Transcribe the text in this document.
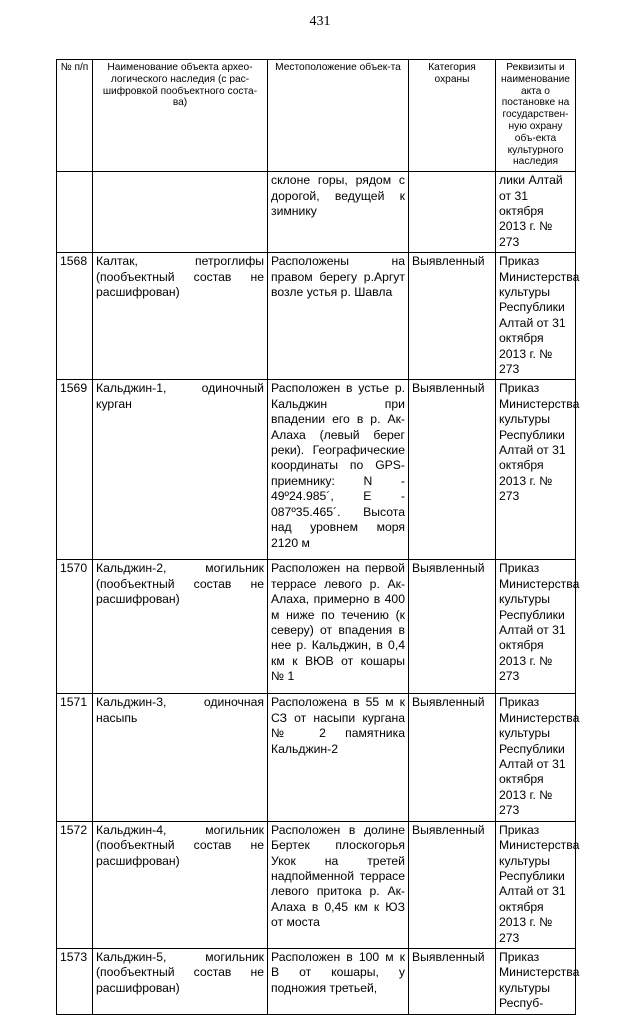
431
№ п/п	Наименование объекта архео-логического наследия (с рас-шифровкой пообъектного соста-ва)	Местоположение объек-та	Категория охраны	Реквизиты и наименование акта о постановке на государствен-ную охрану объ-екта культурного наследия
		склоне горы, рядом с дорогой, ведущей к зимнику		лики Алтай от 31 октября 2013 г. № 273
1568	Калтак, петроглифы (пообъектный состав не расшифрован)	Расположены на правом берегу р.Аргут возле устья р. Шавла	Выявленный	Приказ Министерства культуры Республики Алтай от 31 октября 2013 г. № 273
1569	Кальджин-1, одиночный курган	Расположен в устье р. Кальджин при впадении его в р. Ак-Алаха (левый берег реки). Географические координаты по GPS-приемнику: N - 49º24.985´, E - 087º35.465´. Высота над уровнем моря 2120 м	Выявленный	Приказ Министерства культуры Республики Алтай от 31 октября 2013 г. № 273
1570	Кальджин-2, могильник (пообъектный состав не расшифрован)	Расположен на первой террасе левого р. Ак-Алаха, примерно в 400 м ниже по течению (к северу) от впадения в нее р. Кальджин, в 0,4 км к ВЮВ от кошары № 1	Выявленный	Приказ Министерства культуры Республики Алтай от 31 октября 2013 г. № 273
1571	Кальджин-3, одиночная насыпь	Расположена в 55 м к СЗ от насыпи кургана № 2 памятника Кальджин-2	Выявленный	Приказ Министерства культуры Республики Алтай от 31 октября 2013 г. № 273
1572	Кальджин-4, могильник (пообъектный состав не расшифрован)	Расположен в долине Бертек плоскогорья Укок на третей надпойменной террасе левого притока р. Ак-Алаха в 0,45 км к ЮЗ от моста	Выявленный	Приказ Министерства культуры Республики Алтай от 31 октября 2013 г. № 273
1573	Кальджин-5, могильник (пообъектный состав не расшифрован)	Расположен в 100 м к В от кошары, у подножия третьей,	Выявленный	Приказ Министерства культуры Респуб-
